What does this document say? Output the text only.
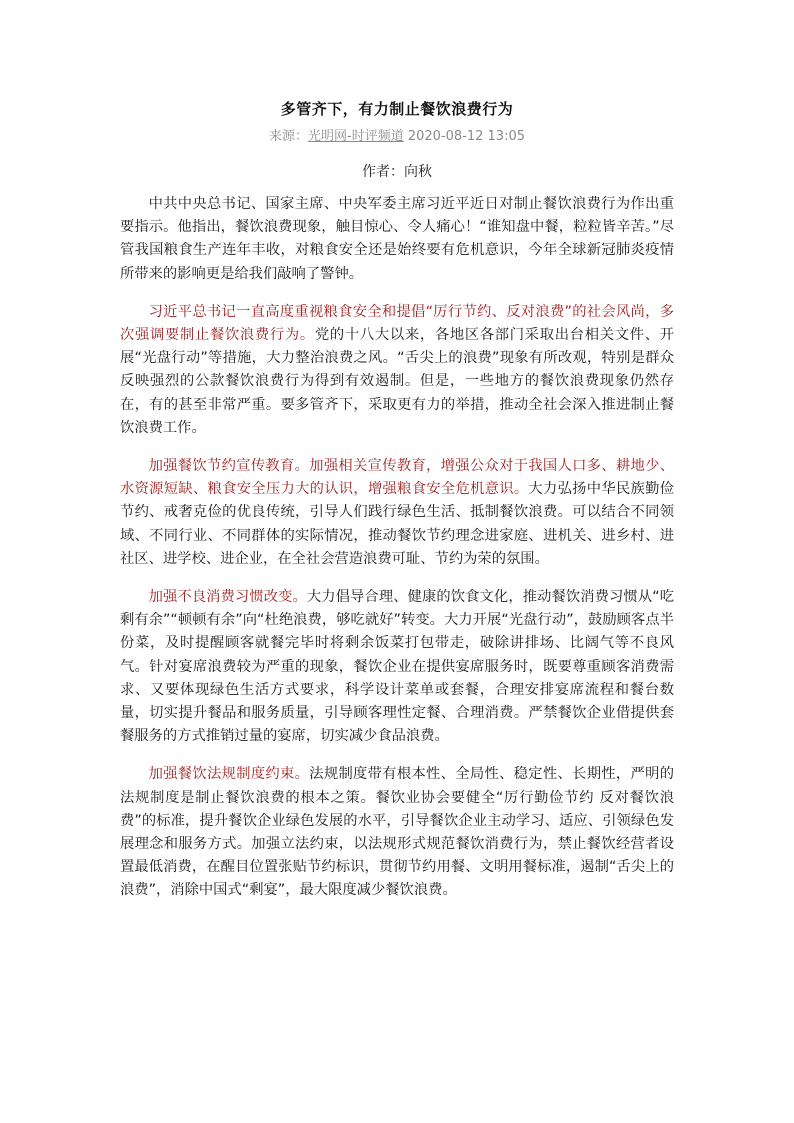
多管齐下，有力制止餐饮浪费行为
来源：光明网-时评频道 2020-08-12 13:05
作者：向秋

中共中央总书记、国家主席、中央军委主席习近平近日对制止餐饮浪费行为作出重要指示。他指出，餐饮浪费现象，触目惊心、令人痛心！“谁知盘中餐，粒粒皆辛苦。”尽管我国粮食生产连年丰收，对粮食安全还是始终要有危机意识，今年全球新冠肺炎疫情所带来的影响更是给我们敲响了警钟。

习近平总书记一直高度重视粮食安全和提倡“厉行节约、反对浪费”的社会风尚，多次强调要制止餐饮浪费行为。党的十八大以来，各地区各部门采取出台相关文件、开展“光盘行动”等措施，大力整治浪费之风。“舌尖上的浪费”现象有所改观，特别是群众反映强烈的公款餐饮浪费行为得到有效遏制。但是，一些地方的餐饮浪费现象仍然存在，有的甚至非常严重。要多管齐下，采取更有力的举措，推动全社会深入推进制止餐饮浪费工作。

加强餐饮节约宣传教育。加强相关宣传教育，增强公众对于我国人口多、耕地少、水资源短缺、粮食安全压力大的认识，增强粮食安全危机意识。大力弘扬中华民族勤俭节约、戒奢克俭的优良传统，引导人们践行绿色生活、抵制餐饮浪费。可以结合不同领域、不同行业、不同群体的实际情况，推动餐饮节约理念进家庭、进机关、进乡村、进社区、进学校、进企业，在全社会营造浪费可耻、节约为荣的氛围。

加强不良消费习惯改变。大力倡导合理、健康的饮食文化，推动餐饮消费习惯从“吃剩有余”“顿顿有余”向“杜绝浪费，够吃就好”转变。大力开展“光盘行动”，鼓励顾客点半份菜，及时提醒顾客就餐完毕时将剩余饭菜打包带走，破除讲排场、比阔气等不良风气。针对宴席浪费较为严重的现象，餐饮企业在提供宴席服务时，既要尊重顾客消费需求、又要体现绿色生活方式要求，科学设计菜单或套餐，合理安排宴席流程和餐台数量，切实提升餐品和服务质量，引导顾客理性定餐、合理消费。严禁餐饮企业借提供套餐服务的方式推销过量的宴席，切实减少食品浪费。

加强餐饮法规制度约束。法规制度带有根本性、全局性、稳定性、长期性，严明的法规制度是制止餐饮浪费的根本之策。餐饮业协会要健全“厉行勤俭节约 反对餐饮浪费”的标准，提升餐饮企业绿色发展的水平，引导餐饮企业主动学习、适应、引领绿色发展理念和服务方式。加强立法约束，以法规形式规范餐饮消费行为，禁止餐饮经营者设置最低消费，在醒目位置张贴节约标识，贯彻节约用餐、文明用餐标准，遏制“舌尖上的浪费”，消除中国式“剩宴”，最大限度减少餐饮浪费。
